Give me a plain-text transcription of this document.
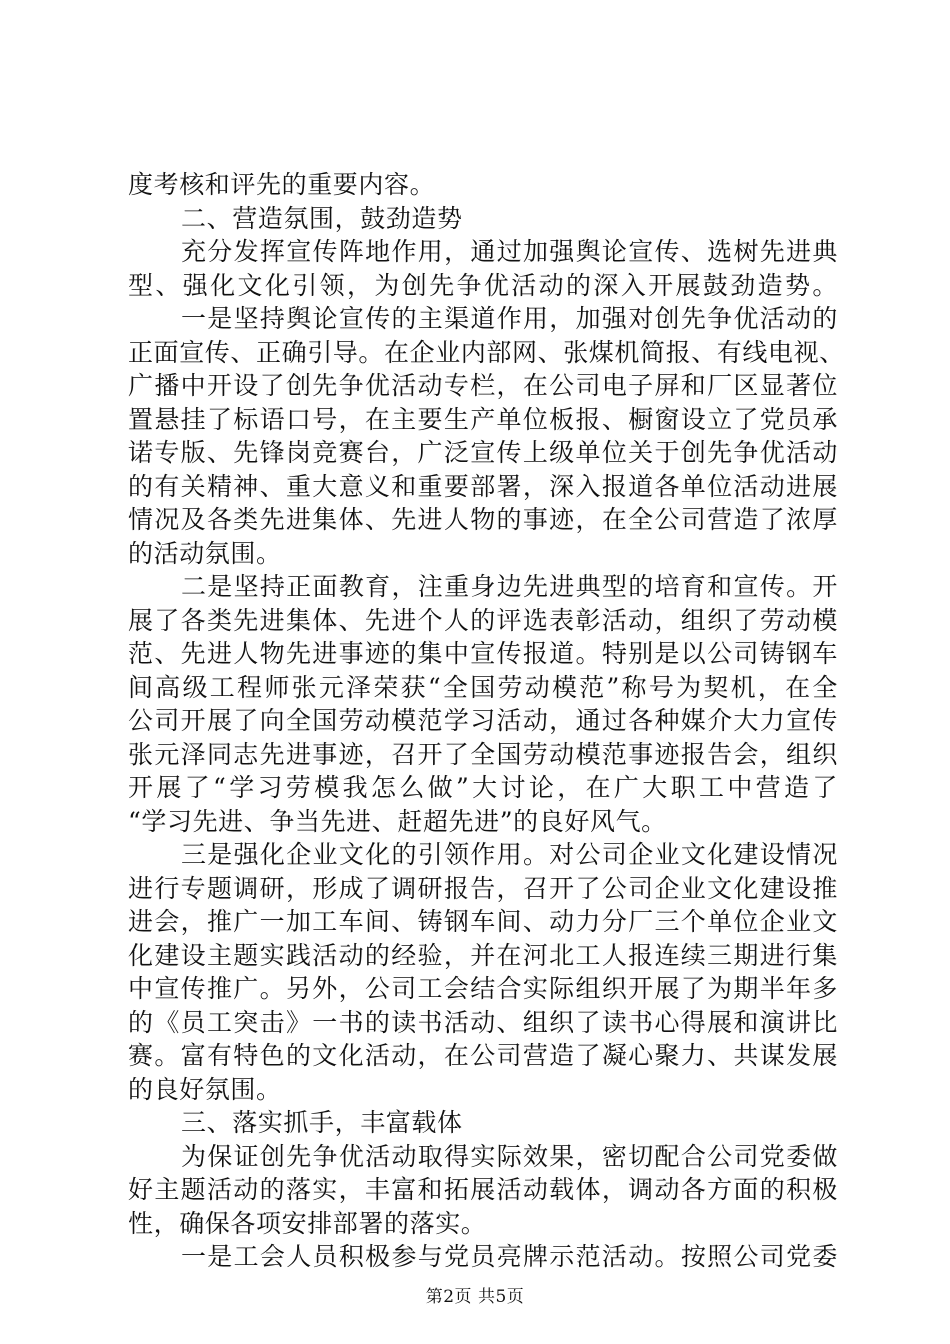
度考核和评先的重要内容。
二、营造氛围，鼓劲造势
充分发挥宣传阵地作用，通过加强舆论宣传、选树先进典
型、强化文化引领，为创先争优活动的深入开展鼓劲造势。
一是坚持舆论宣传的主渠道作用，加强对创先争优活动的
正面宣传、正确引导。在企业内部网、张煤机简报、有线电视、
广播中开设了创先争优活动专栏，在公司电子屏和厂区显著位
置悬挂了标语口号，在主要生产单位板报、橱窗设立了党员承
诺专版、先锋岗竞赛台，广泛宣传上级单位关于创先争优活动
的有关精神、重大意义和重要部署，深入报道各单位活动进展
情况及各类先进集体、先进人物的事迹，在全公司营造了浓厚
的活动氛围。
二是坚持正面教育，注重身边先进典型的培育和宣传。开
展了各类先进集体、先进个人的评选表彰活动，组织了劳动模
范、先进人物先进事迹的集中宣传报道。特别是以公司铸钢车
间高级工程师张元泽荣获“全国劳动模范”称号为契机，在全
公司开展了向全国劳动模范学习活动，通过各种媒介大力宣传
张元泽同志先进事迹，召开了全国劳动模范事迹报告会，组织
开展了“学习劳模我怎么做”大讨论，在广大职工中营造了
“学习先进、争当先进、赶超先进”的良好风气。
三是强化企业文化的引领作用。对公司企业文化建设情况
进行专题调研，形成了调研报告，召开了公司企业文化建设推
进会，推广一加工车间、铸钢车间、动力分厂三个单位企业文
化建设主题实践活动的经验，并在河北工人报连续三期进行集
中宣传推广。另外，公司工会结合实际组织开展了为期半年多
的《员工突击》一书的读书活动、组织了读书心得展和演讲比
赛。富有特色的文化活动，在公司营造了凝心聚力、共谋发展
的良好氛围。
三、落实抓手，丰富载体
为保证创先争优活动取得实际效果，密切配合公司党委做
好主题活动的落实，丰富和拓展活动载体，调动各方面的积极
性，确保各项安排部署的落实。
一是工会人员积极参与党员亮牌示范活动。按照公司党委
第2页 共5页
